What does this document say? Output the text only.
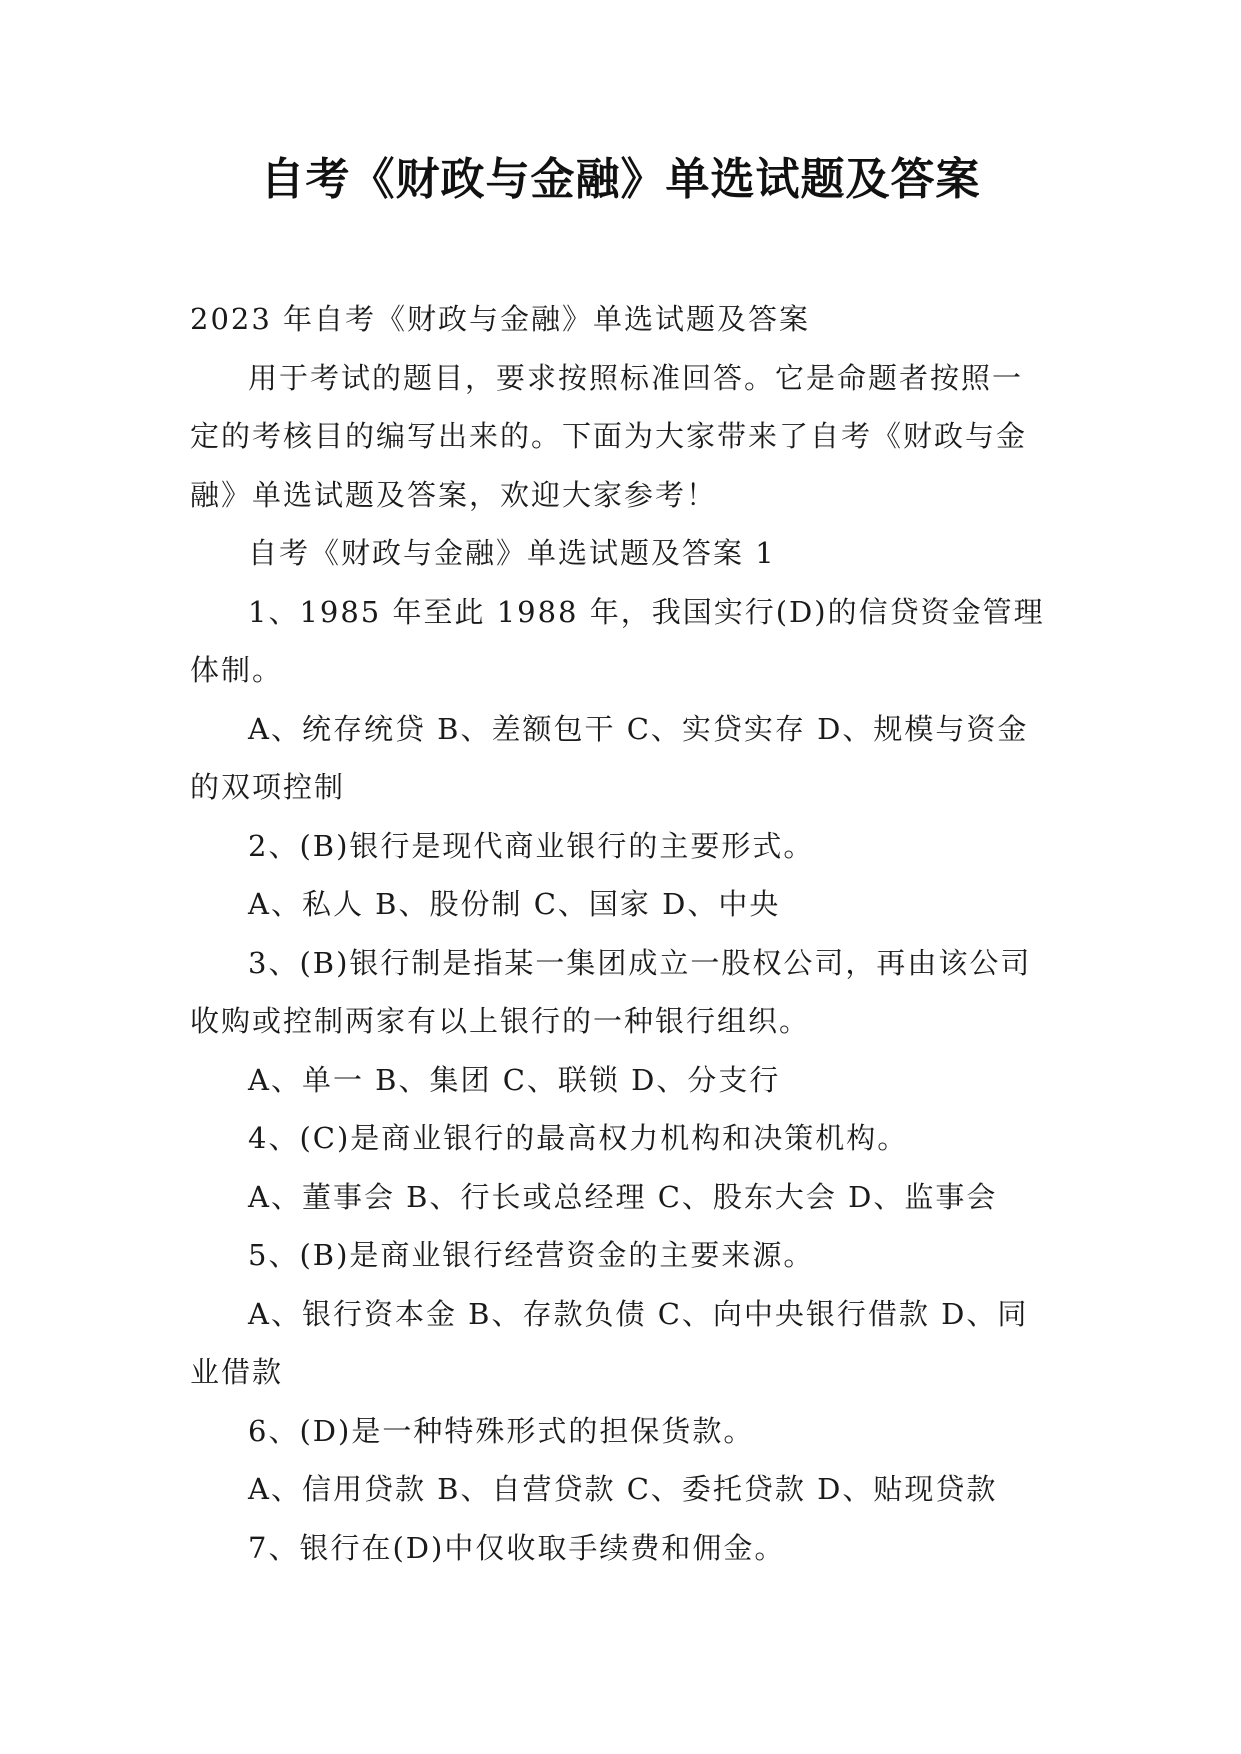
自考《财政与金融》单选试题及答案

2023 年自考《财政与金融》单选试题及答案

用于考试的题目，要求按照标准回答。它是命题者按照一定的考核目的编写出来的。下面为大家带来了自考《财政与金融》单选试题及答案，欢迎大家参考！

自考《财政与金融》单选试题及答案 1

1、1985 年至此 1988 年，我国实行(D)的信贷资金管理体制。

A、统存统贷 B、差额包干 C、实贷实存 D、规模与资金的双项控制

2、(B)银行是现代商业银行的主要形式。

A、私人 B、股份制 C、国家 D、中央

3、(B)银行制是指某一集团成立一股权公司，再由该公司收购或控制两家有以上银行的一种银行组织。

A、单一 B、集团 C、联锁 D、分支行

4、(C)是商业银行的最高权力机构和决策机构。

A、董事会 B、行长或总经理 C、股东大会 D、监事会

5、(B)是商业银行经营资金的主要来源。

A、银行资本金 B、存款负债 C、向中央银行借款 D、同业借款

6、(D)是一种特殊形式的担保货款。

A、信用贷款 B、自营贷款 C、委托贷款 D、贴现贷款

7、银行在(D)中仅收取手续费和佣金。
